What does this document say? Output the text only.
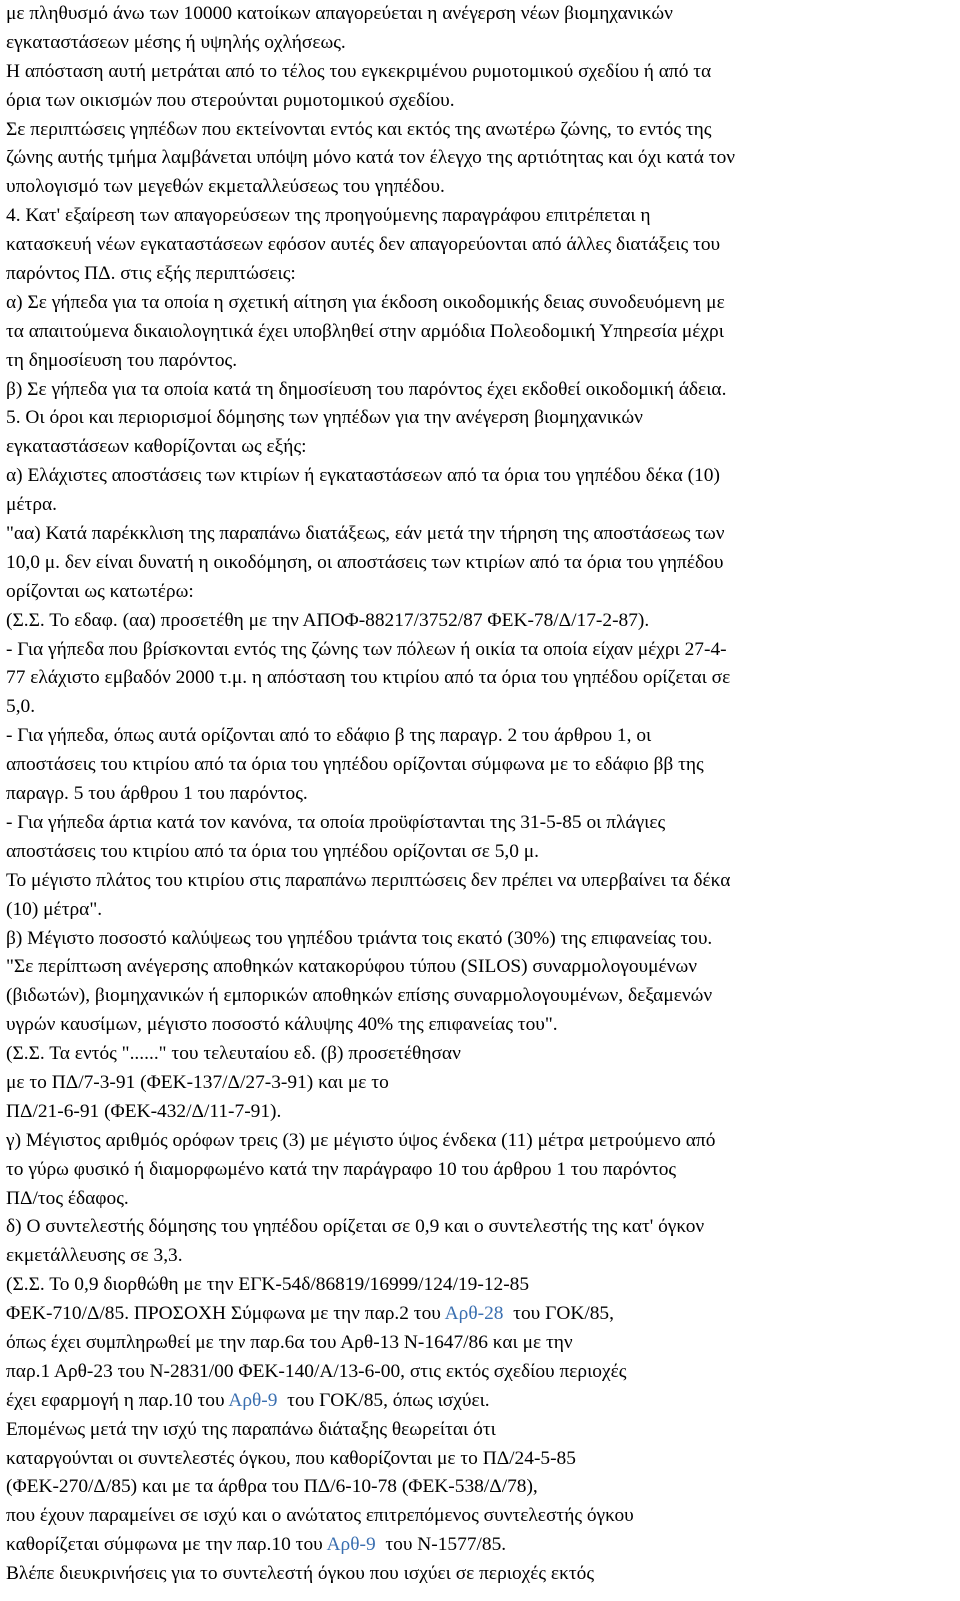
με πληθυσμό άνω των 10000 κατοίκων απαγορεύεται η ανέγερση νέων βιομηχανικών
εγκαταστάσεων μέσης ή υψηλής οχλήσεως.
Η απόσταση αυτή μετράται από το τέλος του εγκεκριμένου ρυμοτομικού σχεδίου ή από τα
όρια των οικισμών που στερούνται ρυμοτομικού σχεδίου.
Σε περιπτώσεις γηπέδων που εκτείνονται εντός και εκτός της ανωτέρω ζώνης, το εντός της
ζώνης αυτής τμήμα λαμβάνεται υπόψη μόνο κατά τον έλεγχο της αρτιότητας και όχι κατά τον
υπολογισμό των μεγεθών εκμεταλλεύσεως του γηπέδου.
4. Κατ' εξαίρεση των απαγορεύσεων της προηγούμενης παραγράφου επιτρέπεται η
κατασκευή νέων εγκαταστάσεων εφόσον αυτές δεν απαγορεύονται από άλλες διατάξεις του
παρόντος ΠΔ. στις εξής περιπτώσεις:
α) Σε γήπεδα για τα οποία η σχετική αίτηση για έκδοση οικοδομικής δειας συνοδευόμενη με
τα απαιτούμενα δικαιολογητικά έχει υποβληθεί στην αρμόδια Πολεοδομική Υπηρεσία μέχρι
τη δημοσίευση του παρόντος.
β) Σε γήπεδα για τα οποία κατά τη δημοσίευση του παρόντος έχει εκδοθεί οικοδομική άδεια.
5. Οι όροι και περιορισμοί δόμησης των γηπέδων για την ανέγερση βιομηχανικών
εγκαταστάσεων καθορίζονται ως εξής:
α) Ελάχιστες αποστάσεις των κτιρίων ή εγκαταστάσεων από τα όρια του γηπέδου δέκα (10)
μέτρα.
"αα) Κατά παρέκκλιση της παραπάνω διατάξεως, εάν μετά την τήρηση της αποστάσεως των
10,0 μ. δεν είναι δυνατή η οικοδόμηση, οι αποστάσεις των κτιρίων από τα όρια του γηπέδου
ορίζονται ως κατωτέρω:
(Σ.Σ. Το εδαφ. (αα) προσετέθη με την ΑΠΟΦ-88217/3752/87 ΦΕΚ-78/Δ/17-2-87).
- Για γήπεδα που βρίσκονται εντός της ζώνης των πόλεων ή οικία τα οποία είχαν μέχρι 27-4-
77 ελάχιστο εμβαδόν 2000 τ.μ. η απόσταση του κτιρίου από τα όρια του γηπέδου ορίζεται σε
5,0.
- Για γήπεδα, όπως αυτά ορίζονται από το εδάφιο β της παραγρ. 2 του άρθρου 1, οι
αποστάσεις του κτιρίου από τα όρια του γηπέδου ορίζονται σύμφωνα με το εδάφιο ββ της
παραγρ. 5 του άρθρου 1 του παρόντος.
- Για γήπεδα άρτια κατά τον κανόνα, τα οποία προϋφίστανται της 31-5-85 οι πλάγιες
αποστάσεις του κτιρίου από τα όρια του γηπέδου ορίζονται σε 5,0 μ.
Το μέγιστο πλάτος του κτιρίου στις παραπάνω περιπτώσεις δεν πρέπει να υπερβαίνει τα δέκα
(10) μέτρα".
β) Μέγιστο ποσοστό καλύψεως του γηπέδου τριάντα τοις εκατό (30%) της επιφανείας του.
"Σε περίπτωση ανέγερσης αποθηκών κατακορύφου τύπου (SILOS) συναρμολογουμένων
(βιδωτών), βιομηχανικών ή εμπορικών αποθηκών επίσης συναρμολογουμένων, δεξαμενών
υγρών καυσίμων, μέγιστο ποσοστό κάλυψης 40% της επιφανείας του".
(Σ.Σ. Τα εντός "......" του τελευταίου εδ. (β) προσετέθησαν
με το ΠΔ/7-3-91 (ΦΕΚ-137/Δ/27-3-91) και με το
ΠΔ/21-6-91 (ΦΕΚ-432/Δ/11-7-91).
γ) Μέγιστος αριθμός ορόφων τρεις (3) με μέγιστο ύψος ένδεκα (11) μέτρα μετρούμενο από
το γύρω φυσικό ή διαμορφωμένο κατά την παράγραφο 10 του άρθρου 1 του παρόντος
ΠΔ/τος έδαφος.
δ) Ο συντελεστής δόμησης του γηπέδου ορίζεται σε 0,9 και ο συντελεστής της κατ' όγκον
εκμετάλλευσης σε 3,3.
(Σ.Σ. Το 0,9 διορθώθη με την ΕΓΚ-54δ/86819/16999/124/19-12-85
ΦΕΚ-710/Δ/85. ΠΡΟΣΟΧΗ Σύμφωνα με την παρ.2 του Αρθ-28  του ΓΟΚ/85,
όπως έχει συμπληρωθεί με την παρ.6α του Αρθ-13 Ν-1647/86 και με την
παρ.1 Αρθ-23 του Ν-2831/00 ΦΕΚ-140/Α/13-6-00, στις εκτός σχεδίου περιοχές
έχει εφαρμογή η παρ.10 του Αρθ-9  του ΓΟΚ/85, όπως ισχύει.
Επομένως μετά την ισχύ της παραπάνω διάταξης θεωρείται ότι
καταργούνται οι συντελεστές όγκου, που καθορίζονται με το ΠΔ/24-5-85
(ΦΕΚ-270/Δ/85) και με τα άρθρα του ΠΔ/6-10-78 (ΦΕΚ-538/Δ/78),
που έχουν παραμείνει σε ισχύ και ο ανώτατος επιτρεπόμενος συντελεστής όγκου
καθορίζεται σύμφωνα με την παρ.10 του Αρθ-9  του Ν-1577/85.
Βλέπε διευκρινήσεις για το συντελεστή όγκου που ισχύει σε περιοχές εκτός
